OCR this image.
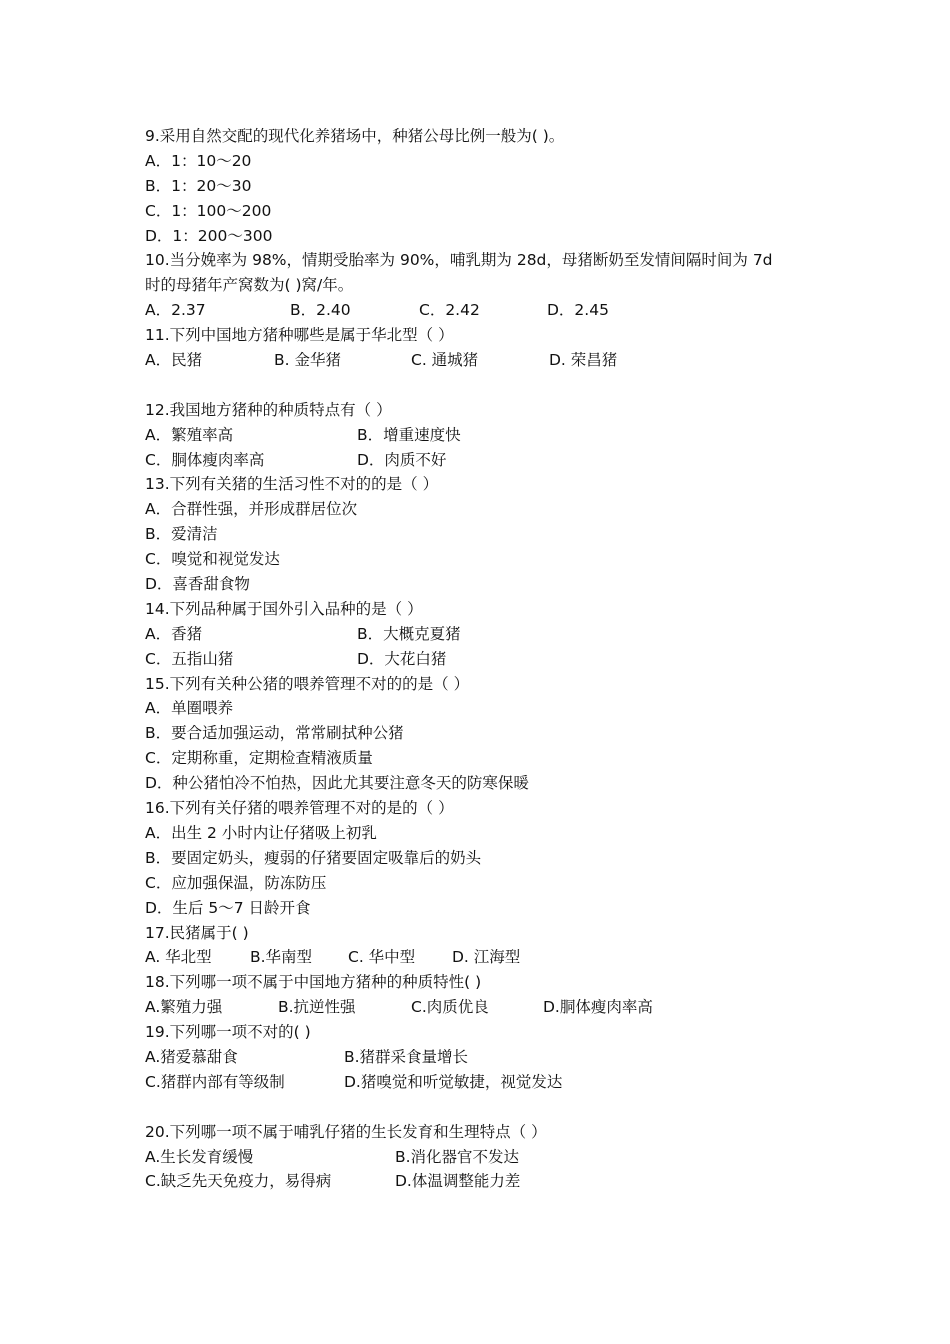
9.采用自然交配的现代化养猪场中，种猪公母比例一般为( )。
A．1：10～20
B．1：20～30
C．1：100～200
D．1：200～300
10.当分娩率为 98%，情期受胎率为 90%，哺乳期为 28d，母猪断奶至发情间隔时间为 7d
时的母猪年产窝数为( )窝/年。
A．2.37	B．2.40	C．2.42	D．2.45
11.下列中国地方猪种哪些是属于华北型（ ）
A．民猪	B. 金华猪	C. 通城猪	D. 荣昌猪
12.我国地方猪种的种质特点有（ ）
A．繁殖率高	B．增重速度快
C．胴体瘦肉率高	D．肉质不好
13.下列有关猪的生活习性不对的的是（ ）
A．合群性强，并形成群居位次
B．爱清洁
C．嗅觉和视觉发达
D．喜香甜食物
14.下列品种属于国外引入品种的是（ ）
A．香猪	B．大概克夏猪
C．五指山猪	D．大花白猪
15.下列有关种公猪的喂养管理不对的的是（ ）
A．单圈喂养
B．要合适加强运动，常常刷拭种公猪
C．定期称重，定期检查精液质量
D．种公猪怕冷不怕热，因此尤其要注意冬天的防寒保暖
16.下列有关仔猪的喂养管理不对的是的（ ）
A．出生 2 小时内让仔猪吸上初乳
B．要固定奶头，瘦弱的仔猪要固定吸靠后的奶头
C．应加强保温，防冻防压
D．生后 5～7 日龄开食
17.民猪属于( )
A. 华北型 B.华南型 C. 华中型 D. 江海型
18.下列哪一项不属于中国地方猪种的种质特性( )
A.繁殖力强	B.抗逆性强	C.肉质优良	D.胴体瘦肉率高
19.下列哪一项不对的( )
A.猪爱慕甜食	B.猪群采食量增长
C.猪群内部有等级制	D.猪嗅觉和听觉敏捷，视觉发达
20.下列哪一项不属于哺乳仔猪的生长发育和生理特点（ ）
A.生长发育缓慢	B.消化器官不发达
C.缺乏先天免疫力，易得病	D.体温调整能力差
